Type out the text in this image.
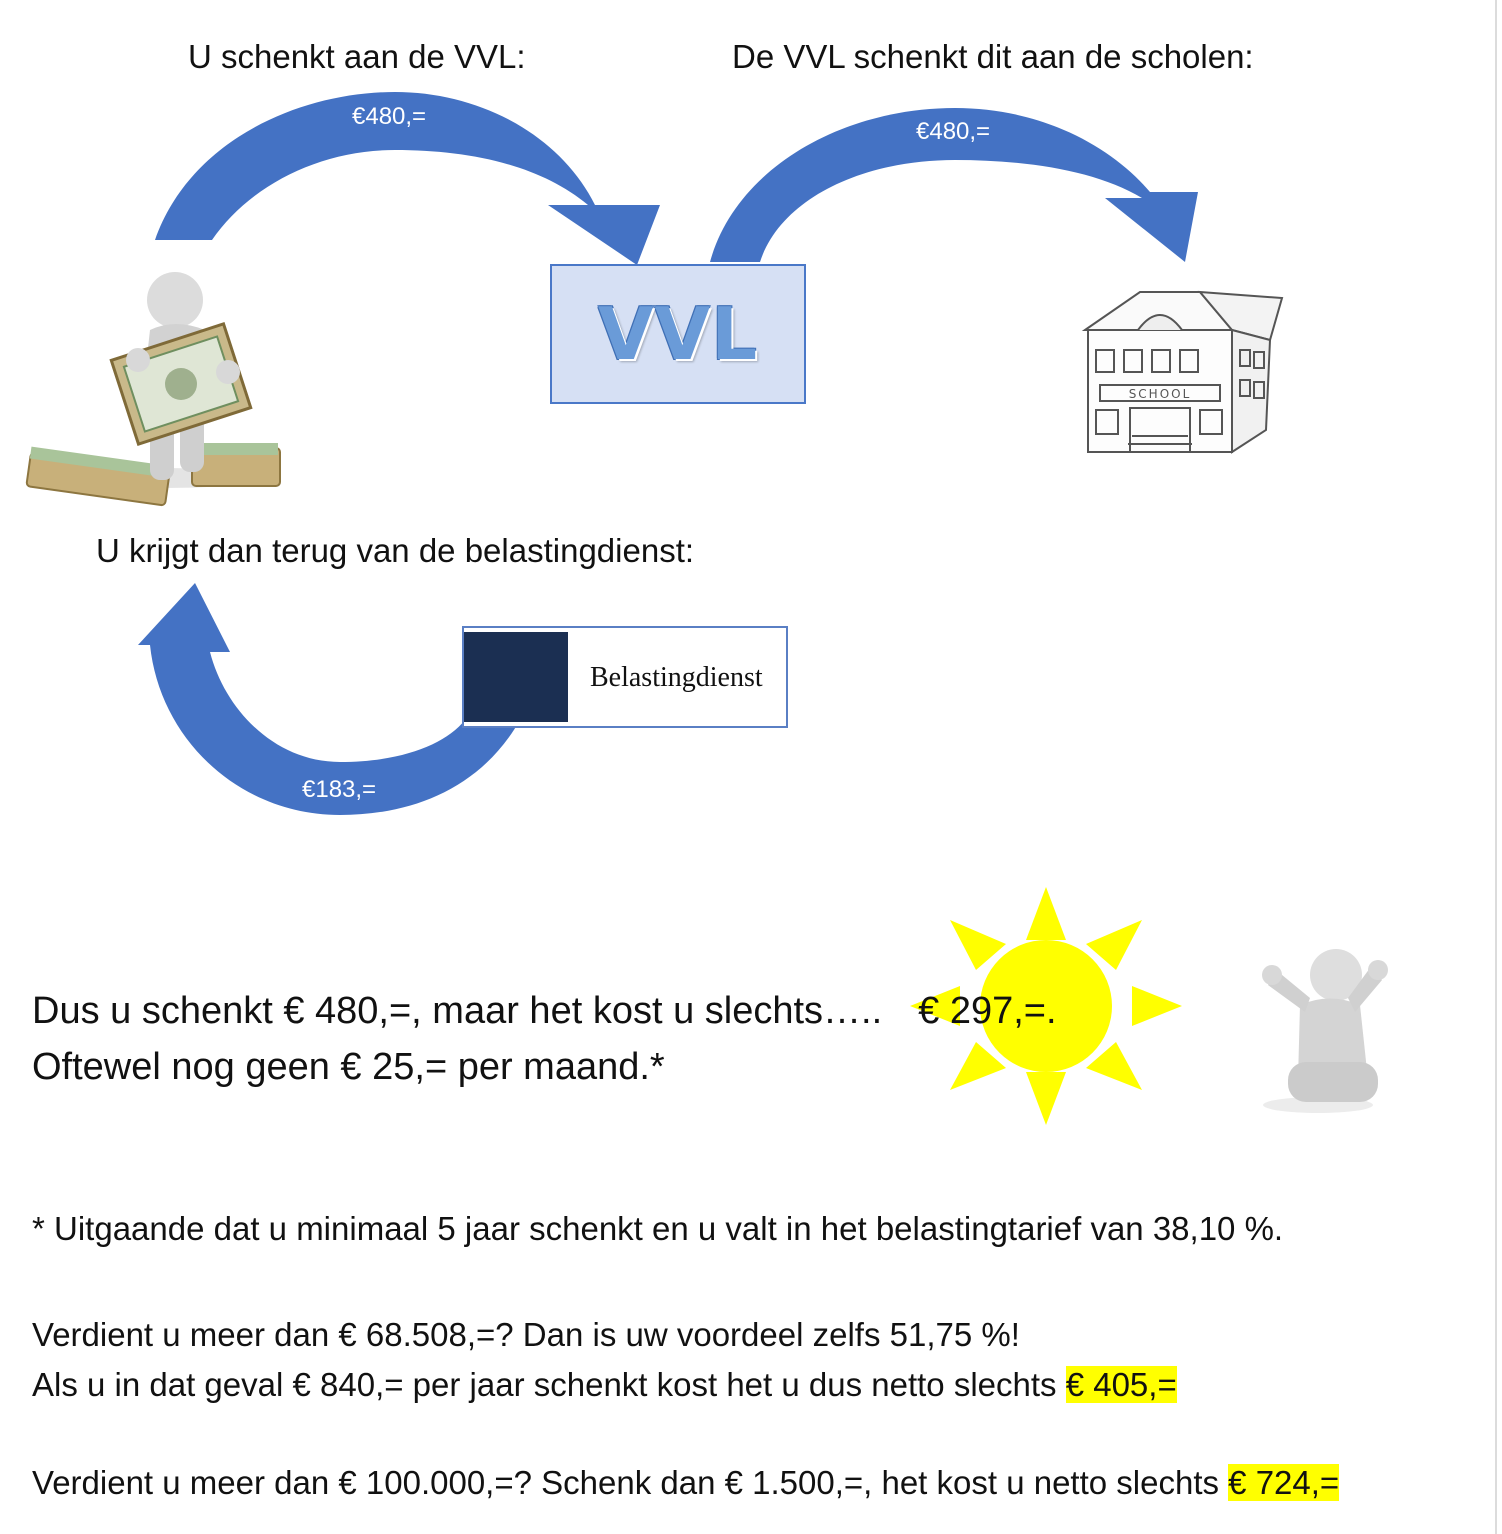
SCHOOL
U schenkt aan de VVL:	De VVL schenkt dit aan de scholen:
U krijgt dan terug van de belastingdienst:
€480,=
€480,=
€183,=
VVL
Belastingdienst
Dus u schenkt € 480,=, maar het kost u slechts….. € 297,=.
Oftewel nog geen € 25,= per maand.*
* Uitgaande dat u minimaal 5 jaar schenkt en u valt in het belastingtarief van 38,10 %.
Verdient u meer dan € 68.508,=? Dan is uw voordeel zelfs 51,75 %!
Als u in dat geval € 840,= per jaar schenkt kost het u dus netto slechts € 405,=
Verdient u meer dan € 100.000,=? Schenk dan € 1.500,=, het kost u netto slechts € 724,=
